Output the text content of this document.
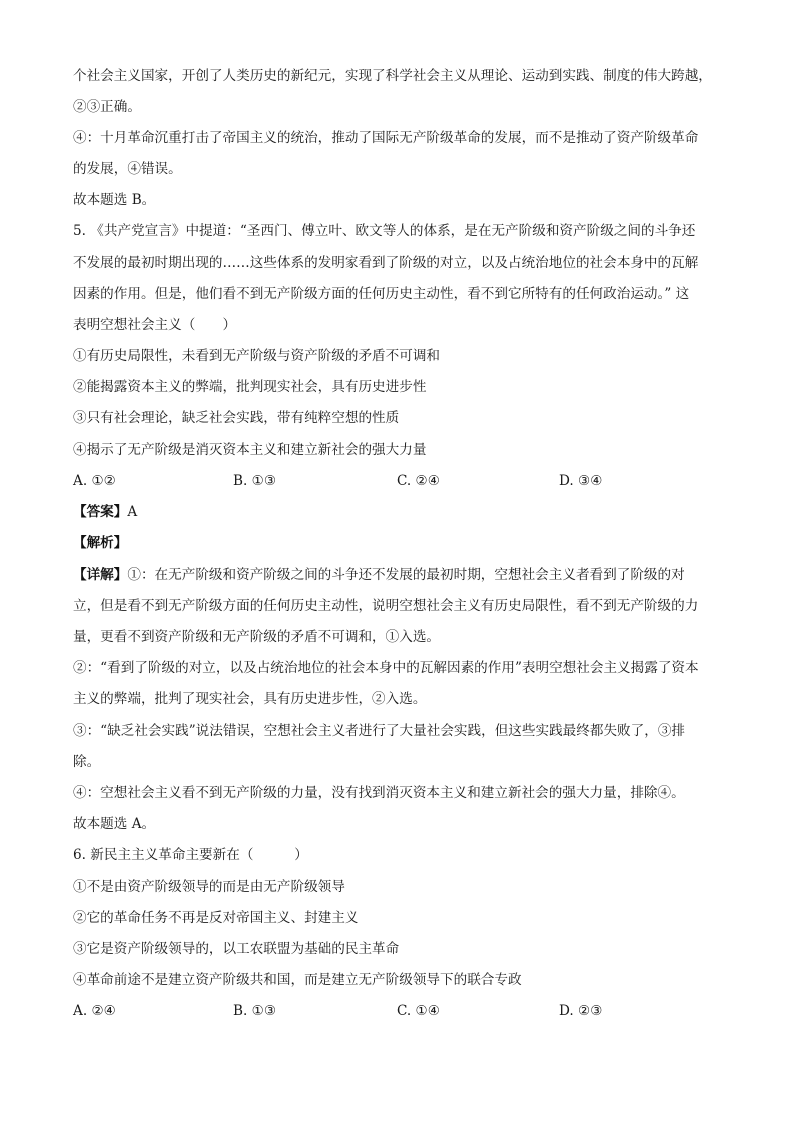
个社会主义国家，开创了人类历史的新纪元，实现了科学社会主义从理论、运动到实践、制度的伟大跨越，
②③正确。
④：十月革命沉重打击了帝国主义的统治，推动了国际无产阶级革命的发展，而不是推动了资产阶级革命
的发展，④错误。
故本题选 B。
5. 《共产党宣言》中提道：“圣西门、傅立叶、欧文等人的体系，是在无产阶级和资产阶级之间的斗争还
不发展的最初时期出现的……这些体系的发明家看到了阶级的对立，以及占统治地位的社会本身中的瓦解
因素的作用。但是，他们看不到无产阶级方面的任何历史主动性，看不到它所特有的任何政治运动。” 这
表明空想社会主义（　　）
①有历史局限性，未看到无产阶级与资产阶级的矛盾不可调和
②能揭露资本主义的弊端，批判现实社会，具有历史进步性
③只有社会理论，缺乏社会实践，带有纯粹空想的性质
④揭示了无产阶级是消灭资本主义和建立新社会的强大力量
A. ①②	B. ①③	C. ②④	D. ③④
【答案】A
【解析】
【详解】①：在无产阶级和资产阶级之间的斗争还不发展的最初时期，空想社会主义者看到了阶级的对
立，但是看不到无产阶级方面的任何历史主动性，说明空想社会主义有历史局限性，看不到无产阶级的力
量，更看不到资产阶级和无产阶级的矛盾不可调和，①入选。
②：“看到了阶级的对立，以及占统治地位的社会本身中的瓦解因素的作用”表明空想社会主义揭露了资本
主义的弊端，批判了现实社会，具有历史进步性，②入选。
③：“缺乏社会实践”说法错误，空想社会主义者进行了大量社会实践，但这些实践最终都失败了，③排
除。
④：空想社会主义看不到无产阶级的力量，没有找到消灭资本主义和建立新社会的强大力量，排除④。
故本题选 A。
6. 新民主主义革命主要新在（　　　）
①不是由资产阶级领导的而是由无产阶级领导
②它的革命任务不再是反对帝国主义、封建主义
③它是资产阶级领导的，以工农联盟为基础的民主革命
④革命前途不是建立资产阶级共和国，而是建立无产阶级领导下的联合专政
A. ②④	B. ①③	C. ①④	D. ②③
